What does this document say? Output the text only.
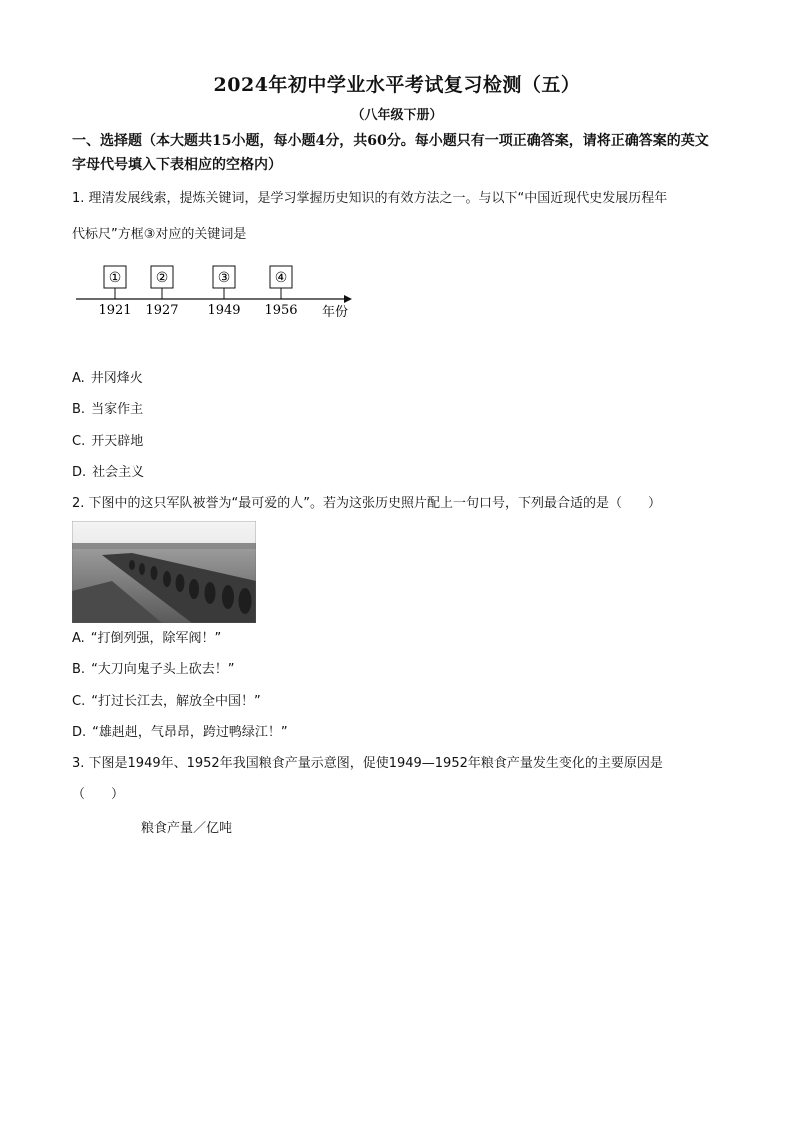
2024年初中学业水平考试复习检测（五）
（八年级下册）
一、选择题（本大题共15小题，每小题4分，共60分。每小题只有一项正确答案，请将正确答案的英文字母代号填入下表相应的空格内）
1. 理清发展线索，提炼关键词，是学习掌握历史知识的有效方法之一。与以下“中国近现代史发展历程年
代标尺”方框③对应的关键词是
① ②	③	④
1921 1927 1949 1956 年份
A. 井冈烽火
B. 当家作主
C. 开天辟地
D. 社会主义
2. 下图中的这只军队被誉为“最可爱的人”。若为这张历史照片配上一句口号，下列最合适的是（　　）
A. “打倒列强，除军阀！”
B. “大刀向鬼子头上砍去！”
C. “打过长江去，解放全中国！”
D. “雄赳赳，气昂昂，跨过鸭绿江！”
3. 下图是1949年、1952年我国粮食产量示意图，促使1949—1952年粮食产量发生变化的主要原因是
（　　）
粮食产量／亿吨
